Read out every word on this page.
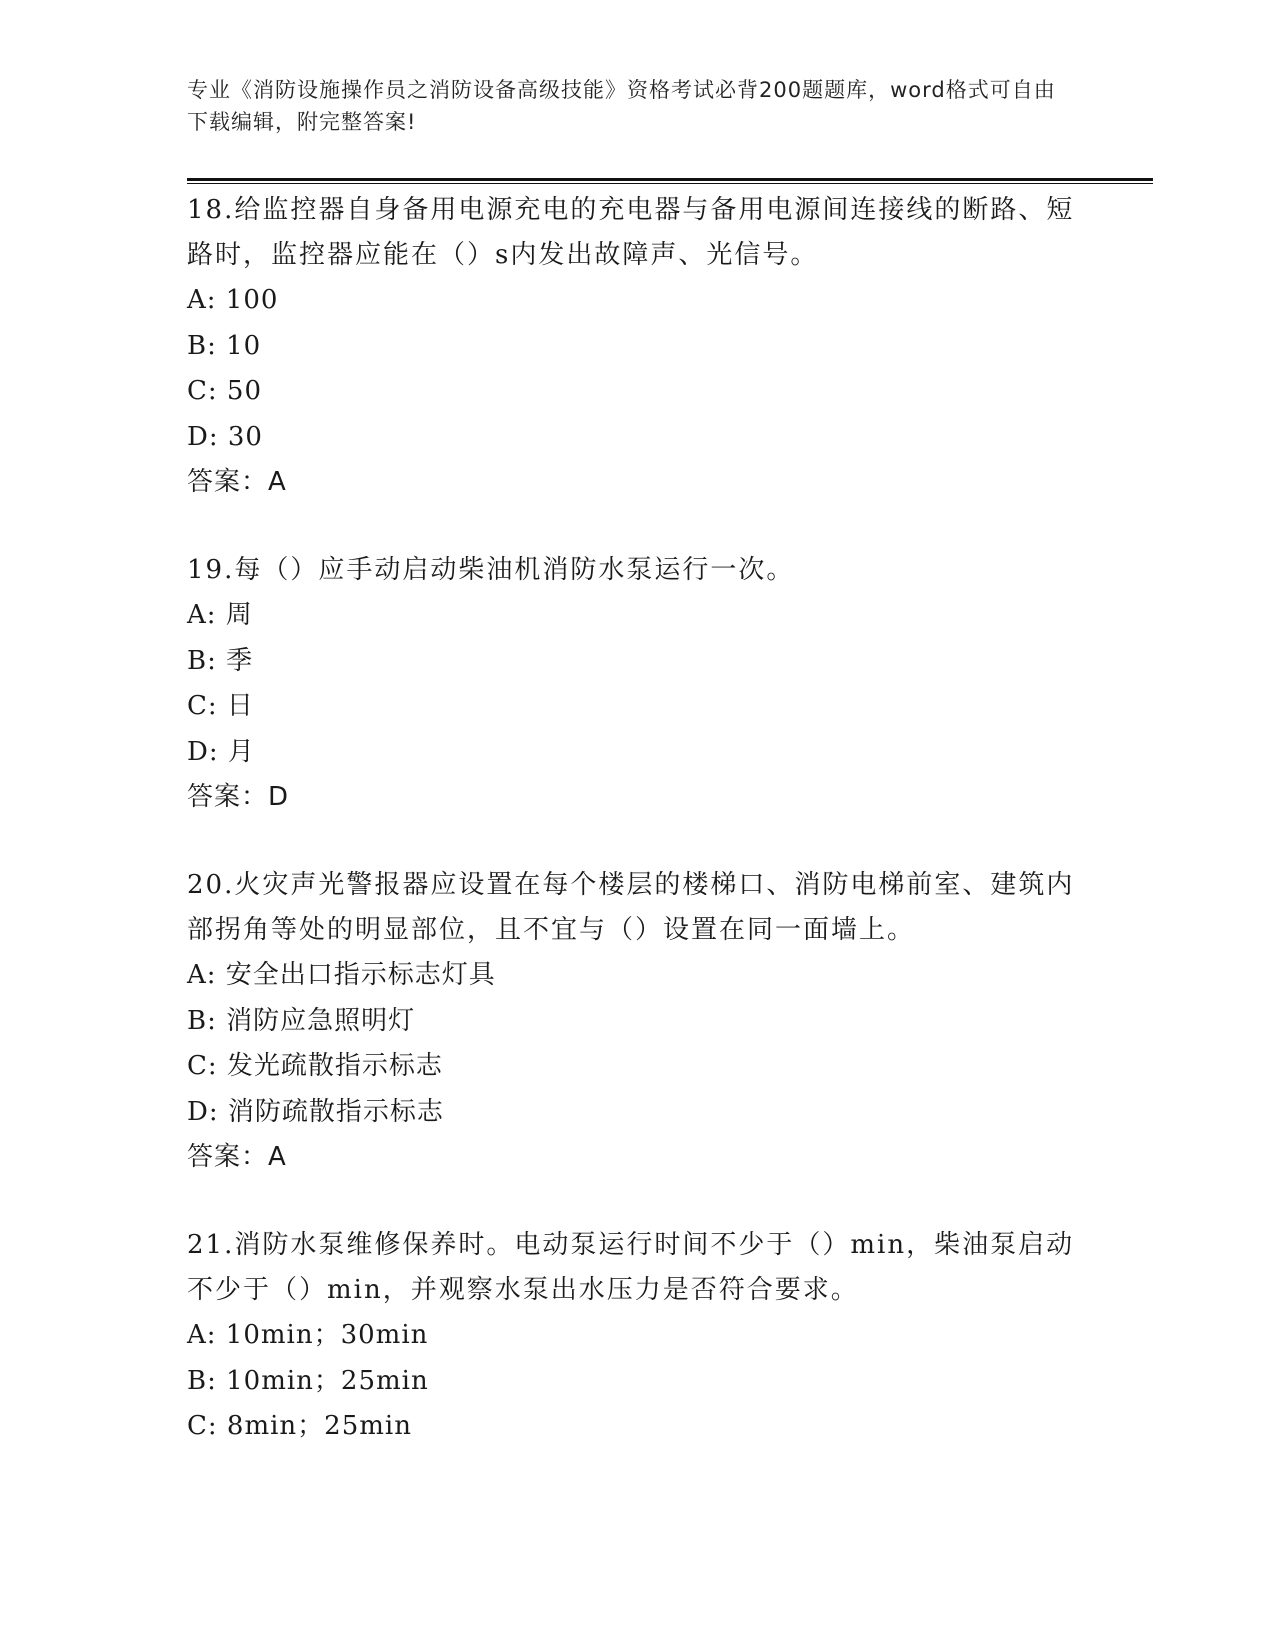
专业《消防设施操作员之消防设备高级技能》资格考试必背200题题库，word格式可自由下载编辑，附完整答案!

18.给监控器自身备用电源充电的充电器与备用电源间连接线的断路、短路时，监控器应能在（）s内发出故障声、光信号。

A: 100

B: 10

C: 50

D: 30

答案：A

19.每（）应手动启动柴油机消防水泵运行一次。

A: 周

B: 季

C: 日

D: 月

答案：D

20.火灾声光警报器应设置在每个楼层的楼梯口、消防电梯前室、建筑内部拐角等处的明显部位，且不宜与（）设置在同一面墙上。

A: 安全出口指示标志灯具

B: 消防应急照明灯

C: 发光疏散指示标志

D: 消防疏散指示标志

答案：A

21.消防水泵维修保养时。电动泵运行时间不少于（）min，柴油泵启动不少于（）min，并观察水泵出水压力是否符合要求。

A: 10min；30min

B: 10min；25min

C: 8min；25min
